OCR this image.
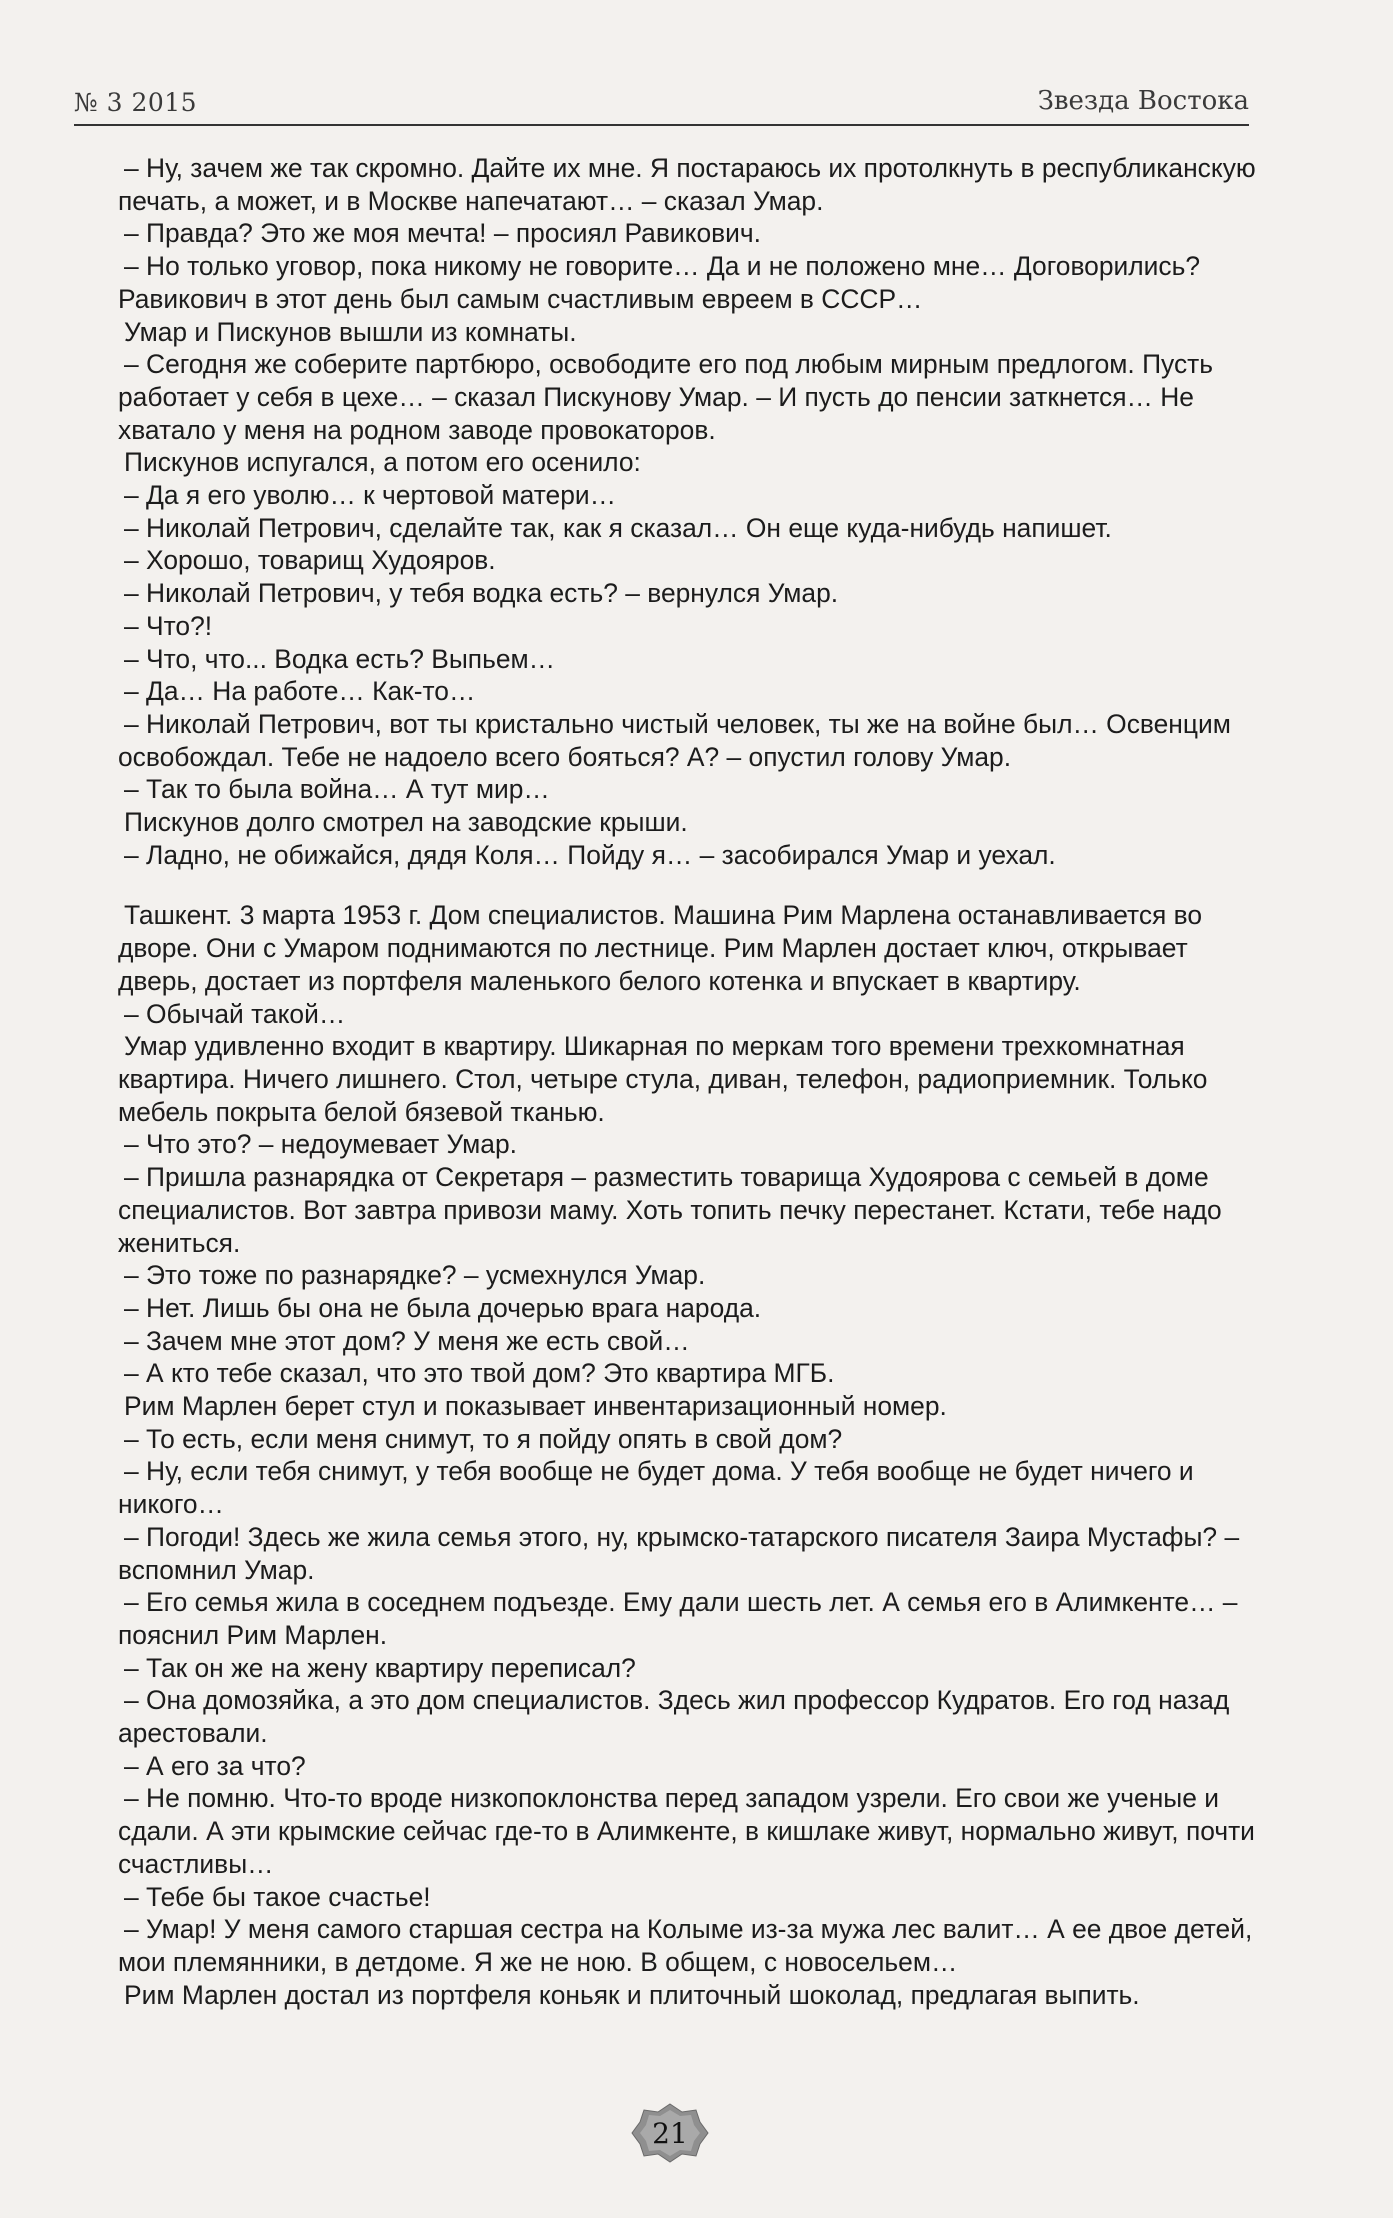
№ 3 2015	Звезда Востока

– Ну, зачем же так скромно. Дайте их мне. Я постараюсь их протолкнуть в республиканскую печать, а может, и в Москве напечатают… – сказал Умар.

– Правда? Это же моя мечта! – просиял Равикович.

– Но только уговор, пока никому не говорите… Да и не положено мне… Договорились? Равикович в этот день был самым счастливым евреем в СССР…

Умар и Пискунов вышли из комнаты.

– Сегодня же соберите партбюро, освободите его под любым мирным предлогом. Пусть работает у себя в цехе… – сказал Пискунову Умар. – И пусть до пенсии заткнется… Не хватало у меня на родном заводе провокаторов.

Пискунов испугался, а потом его осенило:

– Да я его уволю… к чертовой матери…

– Николай Петрович, сделайте так, как я сказал… Он еще куда-нибудь напишет.

– Хорошо, товарищ Худояров.

– Николай Петрович, у тебя водка есть? – вернулся Умар.

– Что?!

– Что, что... Водка есть? Выпьем…

– Да… На работе… Как-то…

– Николай Петрович, вот ты кристально чистый человек, ты же на войне был… Освенцим освобождал. Тебе не надоело всего бояться? А? – опустил голову Умар.

– Так то была война… А тут мир…

Пискунов долго смотрел на заводские крыши.

– Ладно, не обижайся, дядя Коля… Пойду я… – засобирался Умар и уехал.

Ташкент. 3 марта 1953 г. Дом специалистов. Машина Рим Марлена останавливается во дворе. Они с Умаром поднимаются по лестнице. Рим Марлен достает ключ, открывает дверь, достает из портфеля маленького белого котенка и впускает в квартиру.

– Обычай такой…

Умар удивленно входит в квартиру. Шикарная по меркам того времени трехкомнатная квартира. Ничего лишнего. Стол, четыре стула, диван, телефон, радиоприемник. Только мебель покрыта белой бязевой тканью.

– Что это? – недоумевает Умар.

– Пришла разнарядка от Секретаря – разместить товарища Худоярова с семьей в доме специалистов. Вот завтра привози маму. Хоть топить печку перестанет. Кстати, тебе надо жениться.

– Это тоже по разнарядке? – усмехнулся Умар.

– Нет. Лишь бы она не была дочерью врага народа.

– Зачем мне этот дом? У меня же есть свой…

– А кто тебе сказал, что это твой дом? Это квартира МГБ.

Рим Марлен берет стул и показывает инвентаризационный номер.

– То есть, если меня снимут, то я пойду опять в свой дом?

– Ну, если тебя снимут, у тебя вообще не будет дома. У тебя вообще не будет ничего и никого…

– Погоди! Здесь же жила семья этого, ну, крымско-татарского писателя Заира Мустафы? – вспомнил Умар.

– Его семья жила в соседнем подъезде. Ему дали шесть лет. А семья его в Алимкенте… – пояснил Рим Марлен.

– Так он же на жену квартиру переписал?

– Она домозяйка, а это дом специалистов. Здесь жил профессор Кудратов. Его год назад арестовали.

– А его за что?

– Не помню. Что-то вроде низкопоклонства перед западом узрели. Его свои же ученые и сдали. А эти крымские сейчас где-то в Алимкенте, в кишлаке живут, нормально живут, почти счастливы…

– Тебе бы такое счастье!

– Умар! У меня самого старшая сестра на Колыме из-за мужа лес валит… А ее двое детей, мои племянники, в детдоме. Я же не ною. В общем, с новосельем…

Рим Марлен достал из портфеля коньяк и плиточный шоколад, предлагая выпить.

21
